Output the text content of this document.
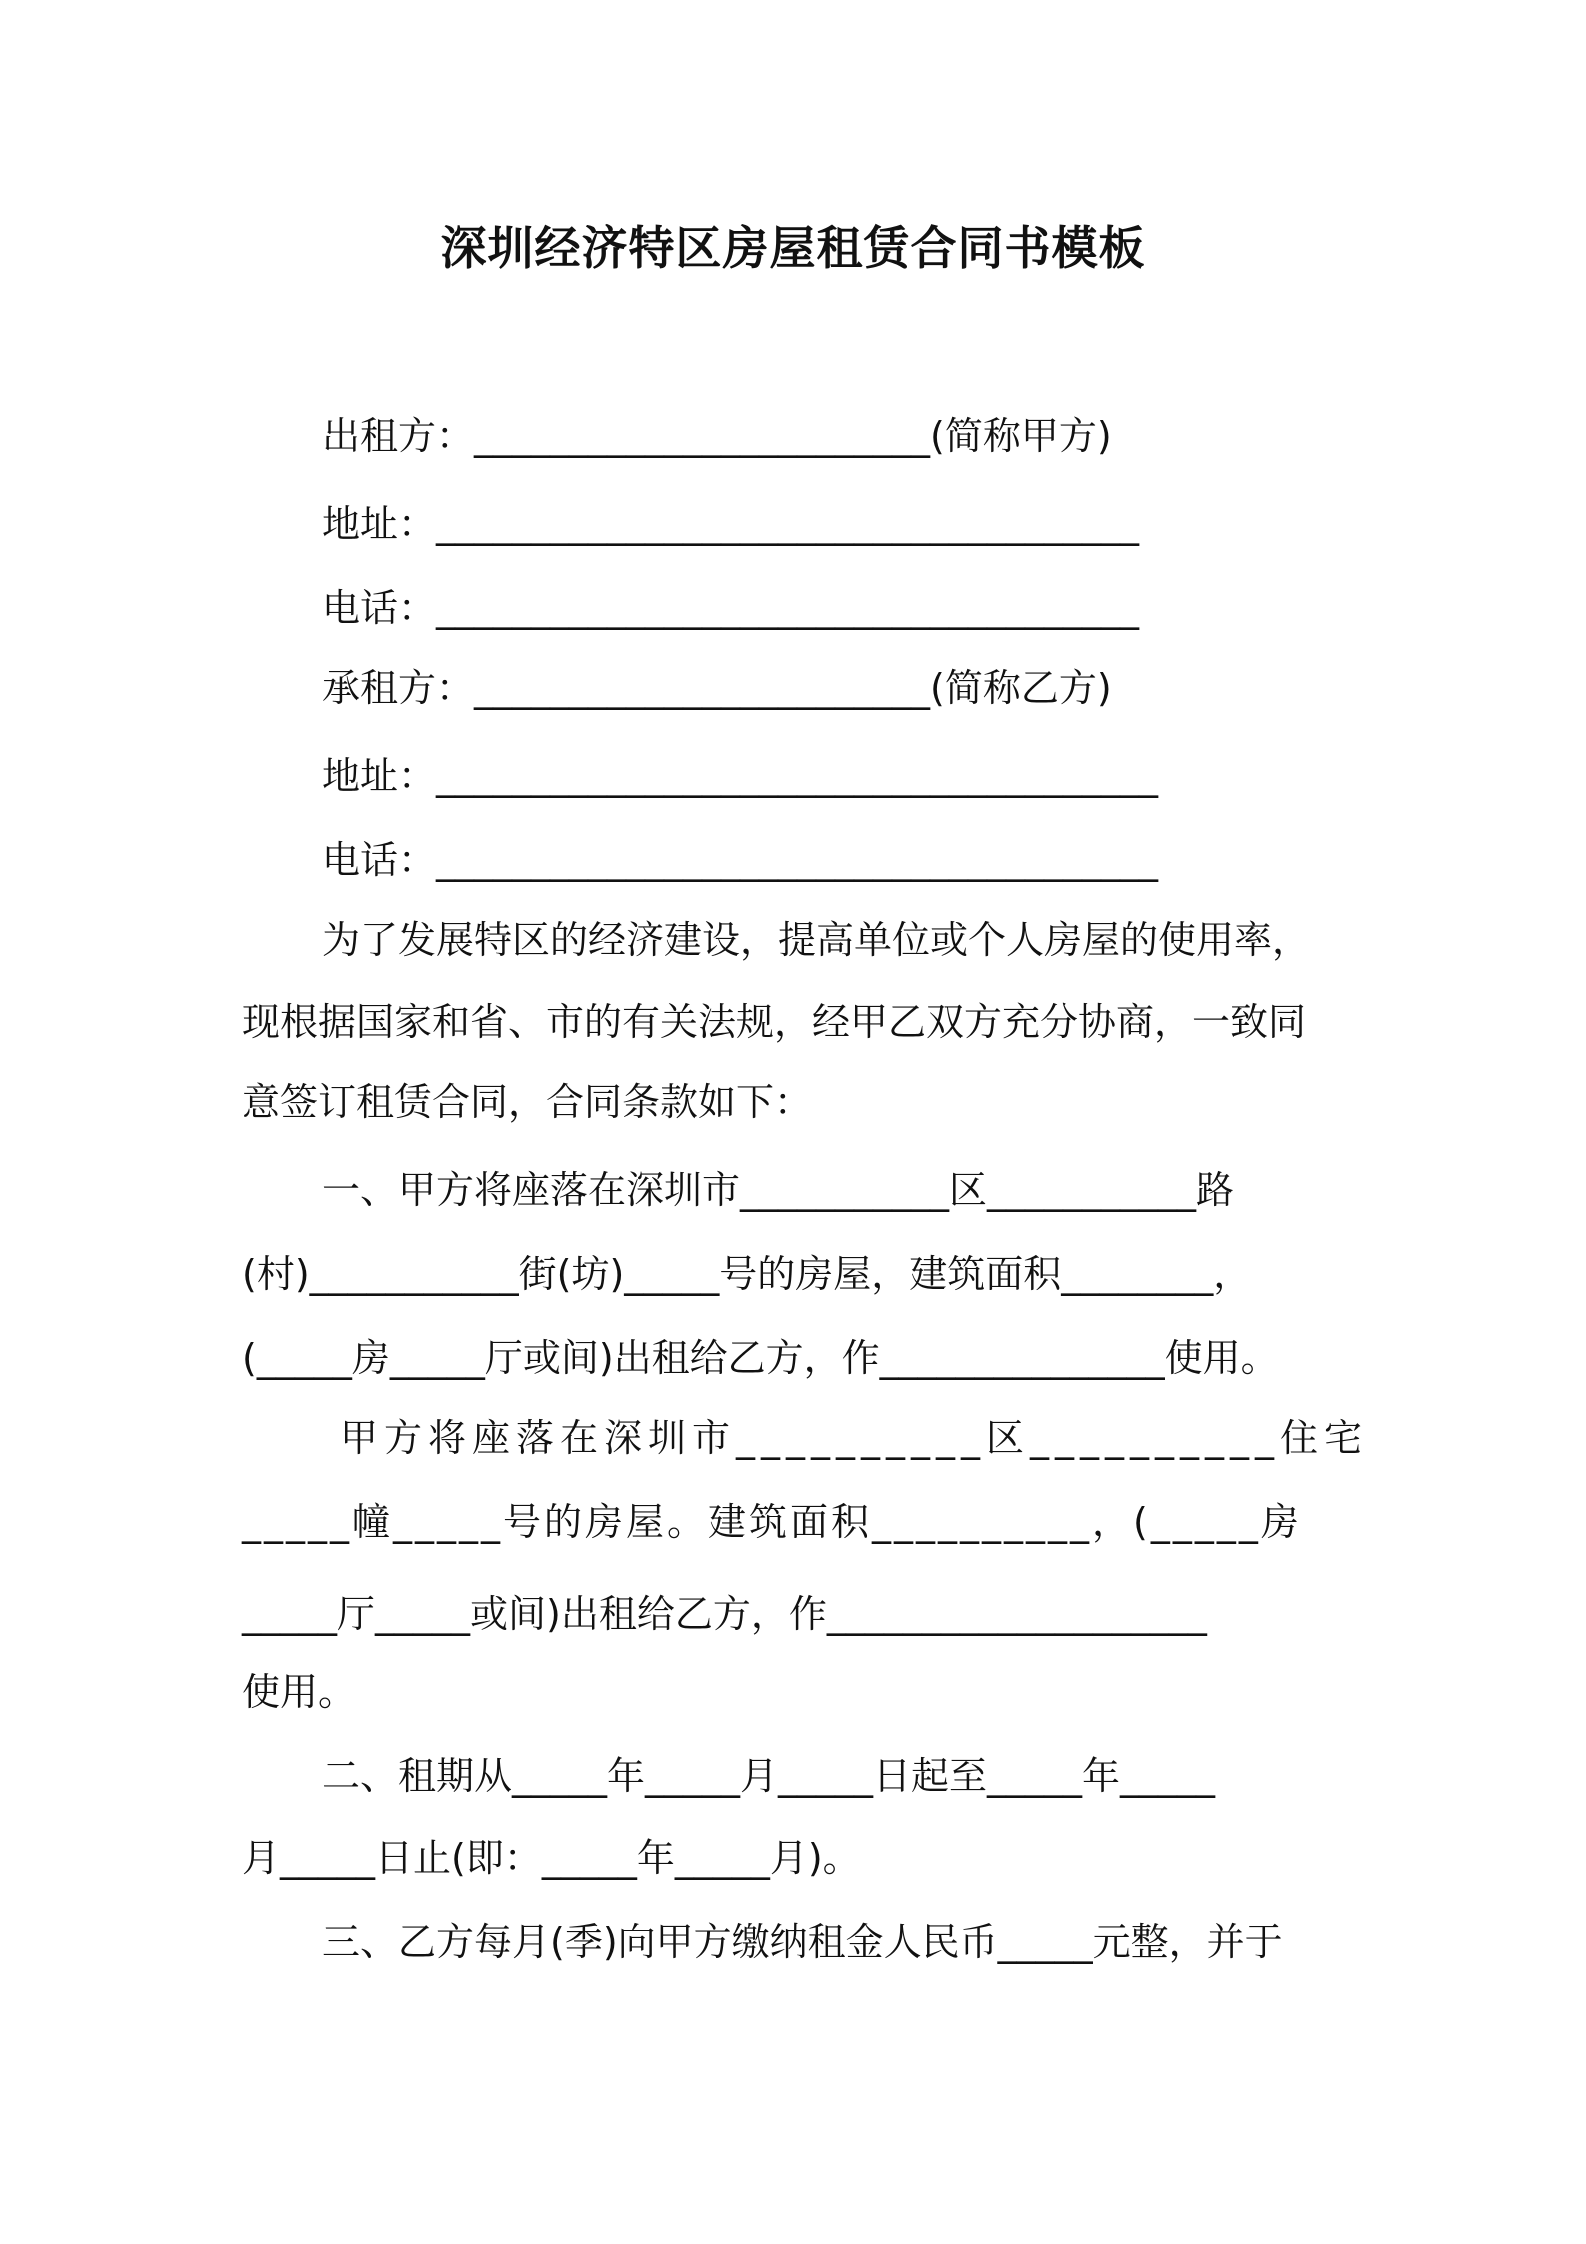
深圳经济特区房屋租赁合同书模板
出租方：________________________(简称甲方)
地址：_____________________________________
电话：_____________________________________
承租方：________________________(简称乙方)
地址：______________________________________
电话：______________________________________
为了发展特区的经济建设，提高单位或个人房屋的使用率，
现根据国家和省、市的有关法规，经甲乙双方充分协商，一致同
意签订租赁合同，合同条款如下：
一、甲方将座落在深圳市___________区___________路
(村)___________街(坊)_____号的房屋，建筑面积________，
(_____房_____厅或间)出租给乙方，作_______________使用。
甲方将座落在深圳市__________区__________住宅
_____幢_____号的房屋。建筑面积__________，(_____房
_____厅_____或间)出租给乙方，作____________________
使用。
二、租期从_____年_____月_____日起至_____年_____
月_____日止(即：_____年_____月)。
三、乙方每月(季)向甲方缴纳租金人民币_____元整，并于
